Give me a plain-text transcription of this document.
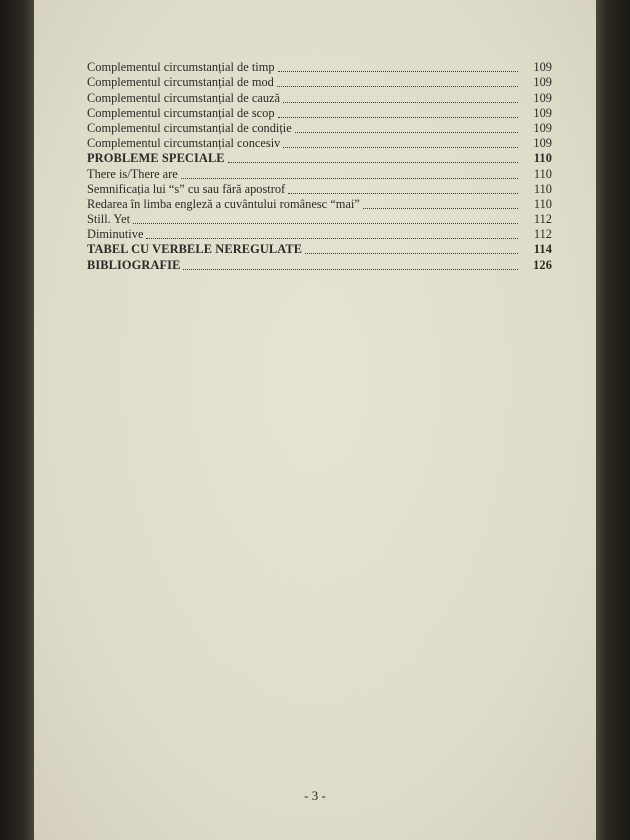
Complementul circumstanțial de timp	109
Complementul circumstanțial de mod	109
Complementul circumstanțial de cauză	109
Complementul circumstanțial de scop	109
Complementul circumstanțial de condiție	109
Complementul circumstanțial concesiv	109
PROBLEME SPECIALE	110
There is/There are	110
Semnificația lui “s” cu sau fără apostrof	110
Redarea în limba engleză a cuvântului românesc “mai”	110
Still. Yet	112
Diminutive	112
TABEL CU VERBELE NEREGULATE	114
BIBLIOGRAFIE	126
- 3 -
